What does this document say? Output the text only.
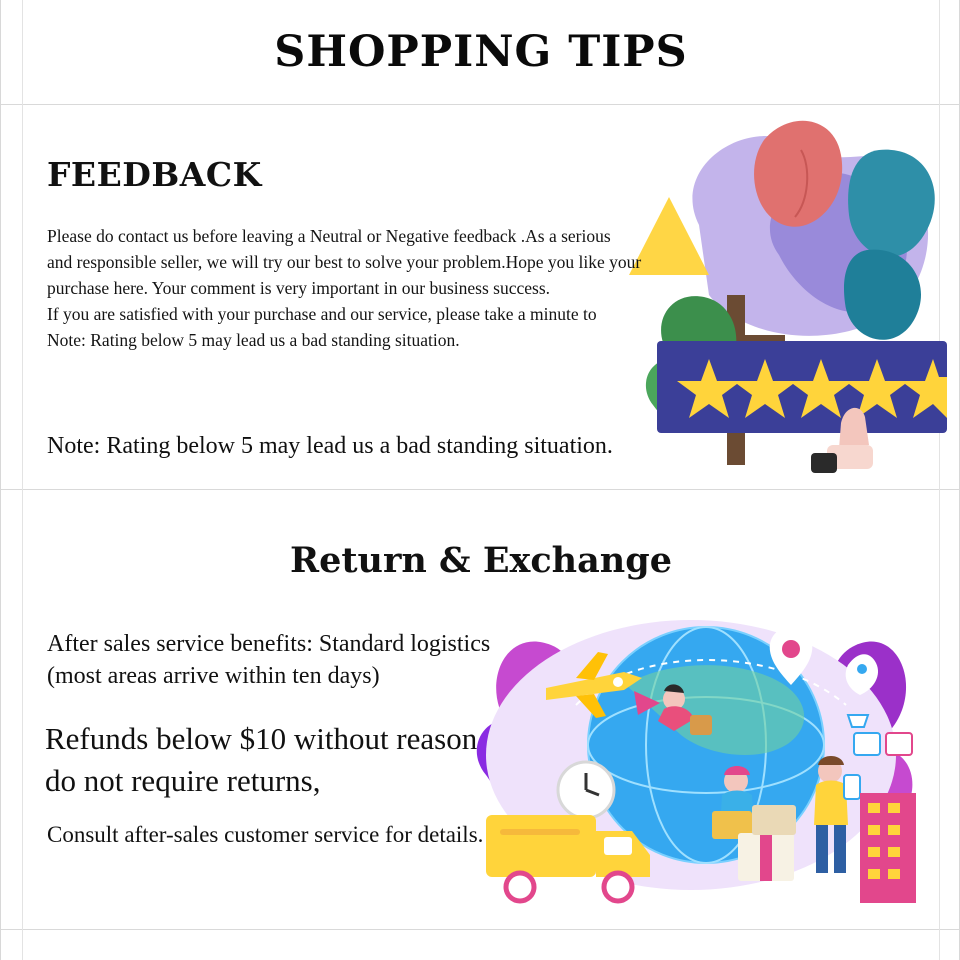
SHOPPING TIPS
FEEDBACK
Please do contact us before leaving a Neutral or Negative feedback .As a serious
and responsible seller, we will try our best to solve your problem.Hope you like your
purchase here. Your comment is very important in our business success.
If you are satisfied with your purchase and our service, please take a minute to
Note: Rating below 5 may lead us a bad standing situation.
Note: Rating below 5 may lead us a bad standing situation.
Return & Exchange
After sales service benefits: Standard logistics
(most areas arrive within ten days)
Refunds below $10 without reason
do not require returns,
Consult after-sales customer service for details.
